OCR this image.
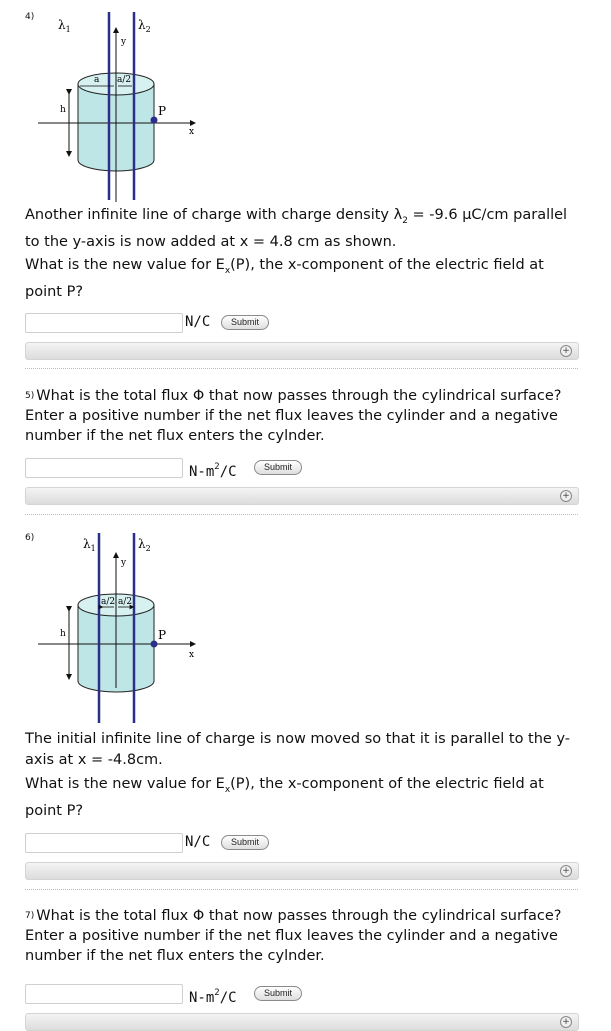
4)
$\lambda_1$	$\lambda_2$
y
x
a a/2
h	P

Another infinite line of charge with charge density $\lambda_2 = -9.6$ μC/cm parallel to the y-axis is now added at x = 4.8 cm as shown.

What is the new value for $E_x(P)$, the x-component of the electric field at point P?

N/C	Submit
+

5) What is the total flux Φ that now passes through the cylindrical surface? Enter a positive number if the net flux leaves the cylinder and a negative number if the net flux enters the cylnder.

$N-m^2/C$	Submit
+
6)	$\lambda_1$	$\lambda_2$
y
x
a/2 a/2
h	P

The initial infinite line of charge is now moved so that it is parallel to the y-axis at x = -4.8cm.

What is the new value for $E_x(P)$, the x-component of the electric field at point P?

N/C	Submit
+

7) What is the total flux Φ that now passes through the cylindrical surface? Enter a positive number if the net flux leaves the cylinder and a negative number if the net flux enters the cylnder.

$N-m^2/C$	Submit
+
